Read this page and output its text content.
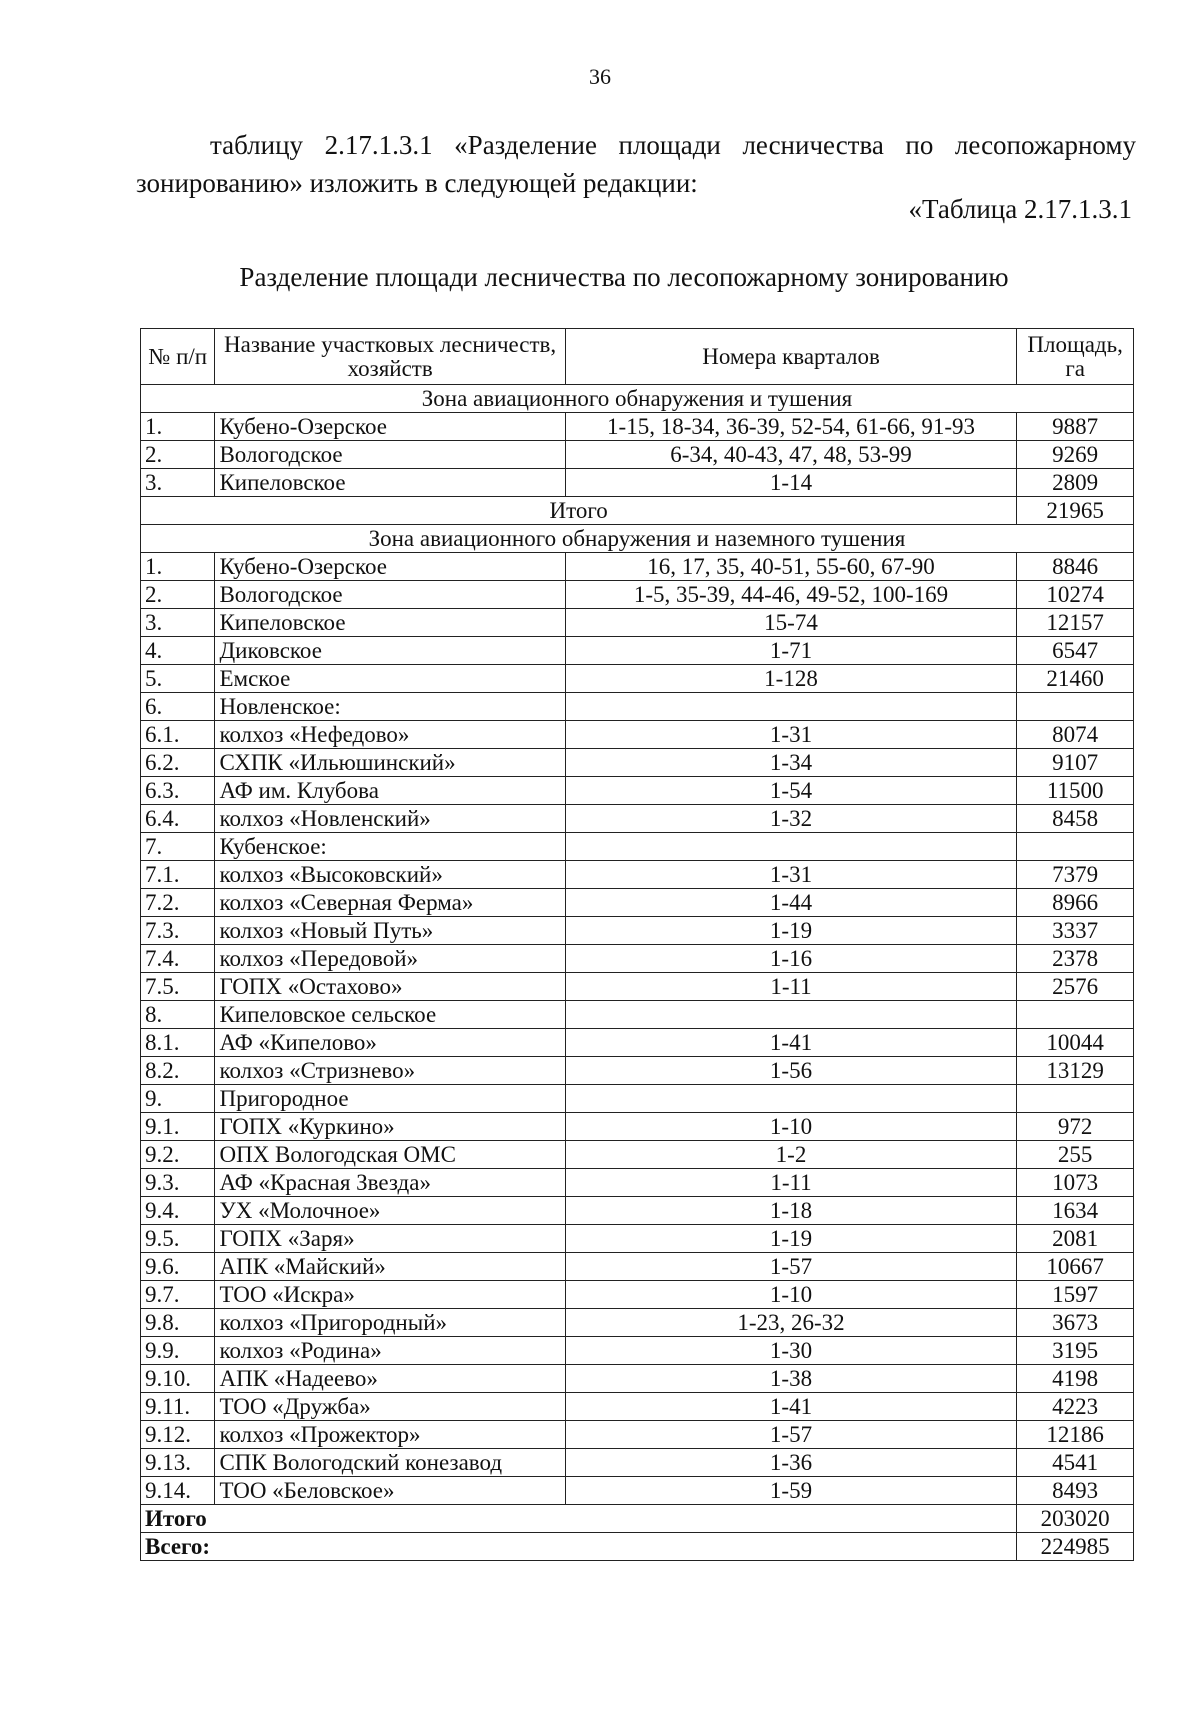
36
таблицу 2.17.1.3.1 «Разделение площади лесничества по лесопожарному зонированию» изложить в следующей редакции:
«Таблица 2.17.1.3.1
Разделение площади лесничества по лесопожарному зонированию
№ п/п	Название участковых лесничеств, хозяйств	Номера кварталов	Площадь, га
Зона авиационного обнаружения и тушения			
1.	Кубено-Озерское	1-15, 18-34, 36-39, 52-54, 61-66, 91-93	9887
2.	Вологодское	6-34, 40-43, 47, 48, 53-99	9269
3.	Кипеловское	1-14	2809
Итого			21965
Зона авиационного обнаружения и наземного тушения			
1.	Кубено-Озерское	16, 17, 35, 40-51, 55-60, 67-90	8846
2.	Вологодское	1-5, 35-39, 44-46, 49-52, 100-169	10274
3.	Кипеловское	15-74	12157
4.	Диковское	1-71	6547
5.	Емское	1-128	21460
6.	Новленское:		
6.1.	колхоз «Нефедово»	1-31	8074
6.2.	СХПК «Ильюшинский»	1-34	9107
6.3.	АФ им. Клубова	1-54	11500
6.4.	колхоз «Новленский»	1-32	8458
7.	Кубенское:		
7.1.	колхоз «Высоковский»	1-31	7379
7.2.	колхоз «Северная Ферма»	1-44	8966
7.3.	колхоз «Новый Путь»	1-19	3337
7.4.	колхоз «Передовой»	1-16	2378
7.5.	ГОПХ «Остахово»	1-11	2576
8.	Кипеловское сельское		
8.1.	АФ «Кипелово»	1-41	10044
8.2.	колхоз «Стризнево»	1-56	13129
9.	Пригородное		
9.1.	ГОПХ «Куркино»	1-10	972
9.2.	ОПХ Вологодская ОМС	1-2	255
9.3.	АФ «Красная Звезда»	1-11	1073
9.4.	УХ «Молочное»	1-18	1634
9.5.	ГОПХ «Заря»	1-19	2081
9.6.	АПК «Майский»	1-57	10667
9.7.	ТОО «Искра»	1-10	1597
9.8.	колхоз «Пригородный»	1-23, 26-32	3673
9.9.	колхоз «Родина»	1-30	3195
9.10.	АПК «Надеево»	1-38	4198
9.11.	ТОО «Дружба»	1-41	4223
9.12.	колхоз «Прожектор»	1-57	12186
9.13.	СПК Вологодский конезавод	1-36	4541
9.14.	ТОО «Беловское»	1-59	8493
Итого			203020
Всего:			224985
